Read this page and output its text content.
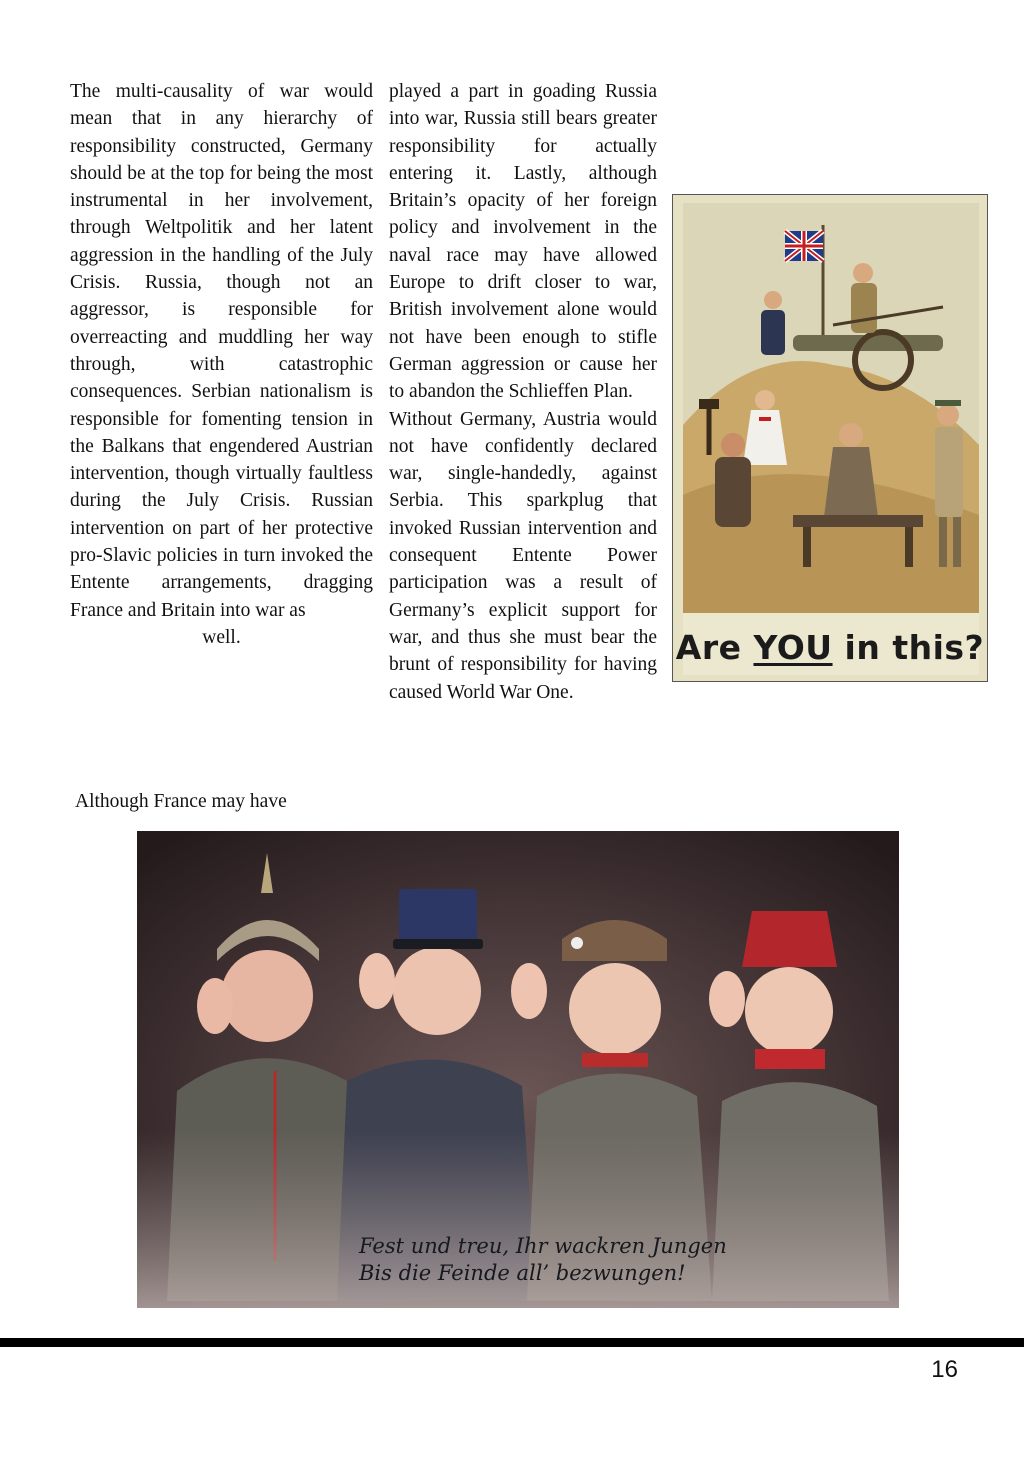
The multi-causality of war would mean that in any hierarchy of responsibility constructed, Germany should be at the top for being the most instrumental in her involvement, through Weltpolitik and her latent aggression in the handling of the July Crisis. Russia, though not an aggressor, is responsible for overreacting and muddling her way through, with catastrophic consequences. Serbian nationalism is responsible for fomenting tension in the Balkans that engendered Austrian intervention, though virtually faultless during the July Crisis. Russian intervention on part of her protective pro-Slavic policies in turn invoked the Entente arrangements, dragging France and Britain into war as

well.

Although France may have

played a part in goading Russia into war, Russia still bears greater responsibility for actually entering it. Lastly, although Britain’s opacity of her foreign policy and involvement in the naval race may have allowed Europe to drift closer to war, British involvement alone would not have been enough to stifle German aggression or cause her to abandon the Schlieffen Plan.

Without Germany, Austria would not have confidently declared war, single-handedly, against Serbia. This sparkplug that invoked Russian intervention and consequent Entente Power participation was a result of Germany’s explicit support for war, and thus she must bear the brunt of responsibility for having caused World War One.

Are YOU in this?
Fest und treu, Ihr wackren Jungen
Bis die Feinde all’ bezwungen!
16
